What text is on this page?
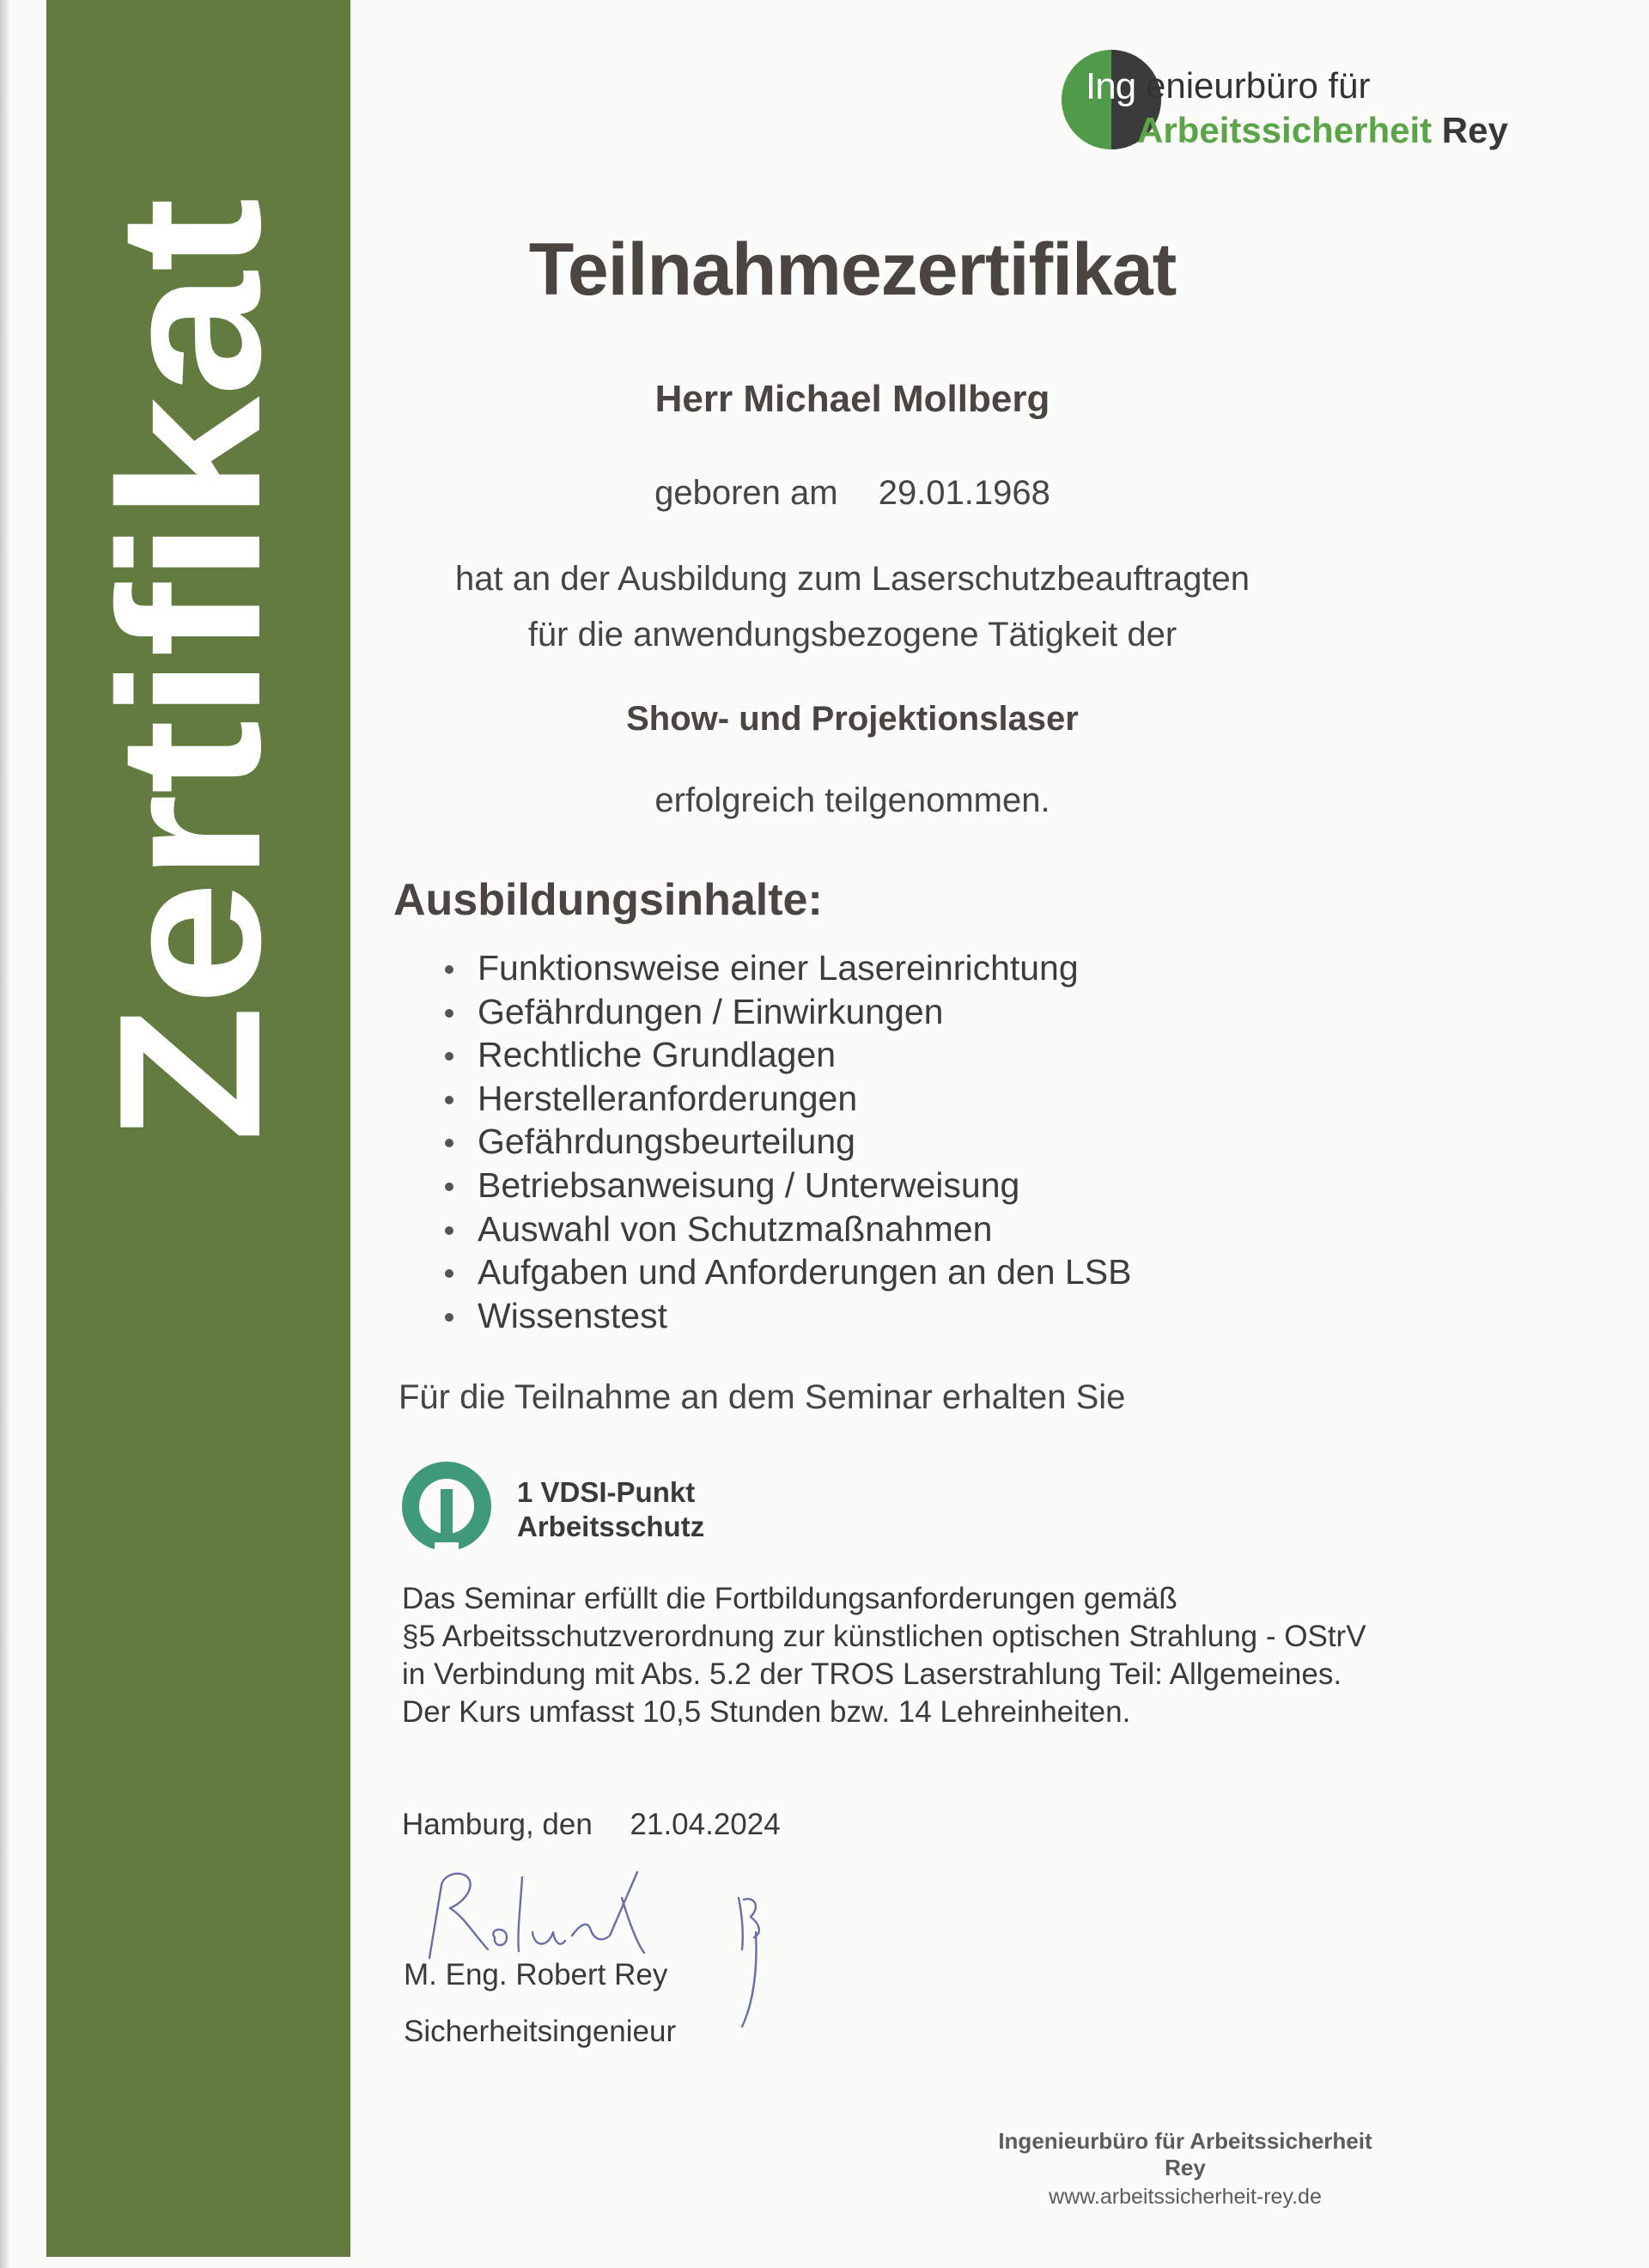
Zertifikat
Ing enieurbüro für
Arbeitssicherheit Rey
Teilnahmezertifikat
Herr Michael Mollberg
geboren am 29.01.1968
hat an der Ausbildung zum Laserschutzbeauftragten
für die anwendungsbezogene Tätigkeit der
Show- und Projektionslaser
erfolgreich teilgenommen.
Ausbildungsinhalte:
Funktionsweise einer Lasereinrichtung
Gefährdungen / Einwirkungen
Rechtliche Grundlagen
Herstelleranforderungen
Gefährdungsbeurteilung
Betriebsanweisung / Unterweisung
Auswahl von Schutzmaßnahmen
Aufgaben und Anforderungen an den LSB
Wissenstest
Für die Teilnahme an dem Seminar erhalten Sie
1 VDSI-Punkt
Arbeitsschutz
Das Seminar erfüllt die Fortbildungsanforderungen gemäß
§5 Arbeitsschutzverordnung zur künstlichen optischen Strahlung - OStrV
in Verbindung mit Abs. 5.2 der TROS Laserstrahlung Teil: Allgemeines.
Der Kurs umfasst 10,5 Stunden bzw. 14 Lehreinheiten.
Hamburg, den 21.04.2024
M. Eng. Robert Rey
Sicherheitsingenieur
Ingenieurbüro für Arbeitssicherheit Rey
www.arbeitssicherheit-rey.de
